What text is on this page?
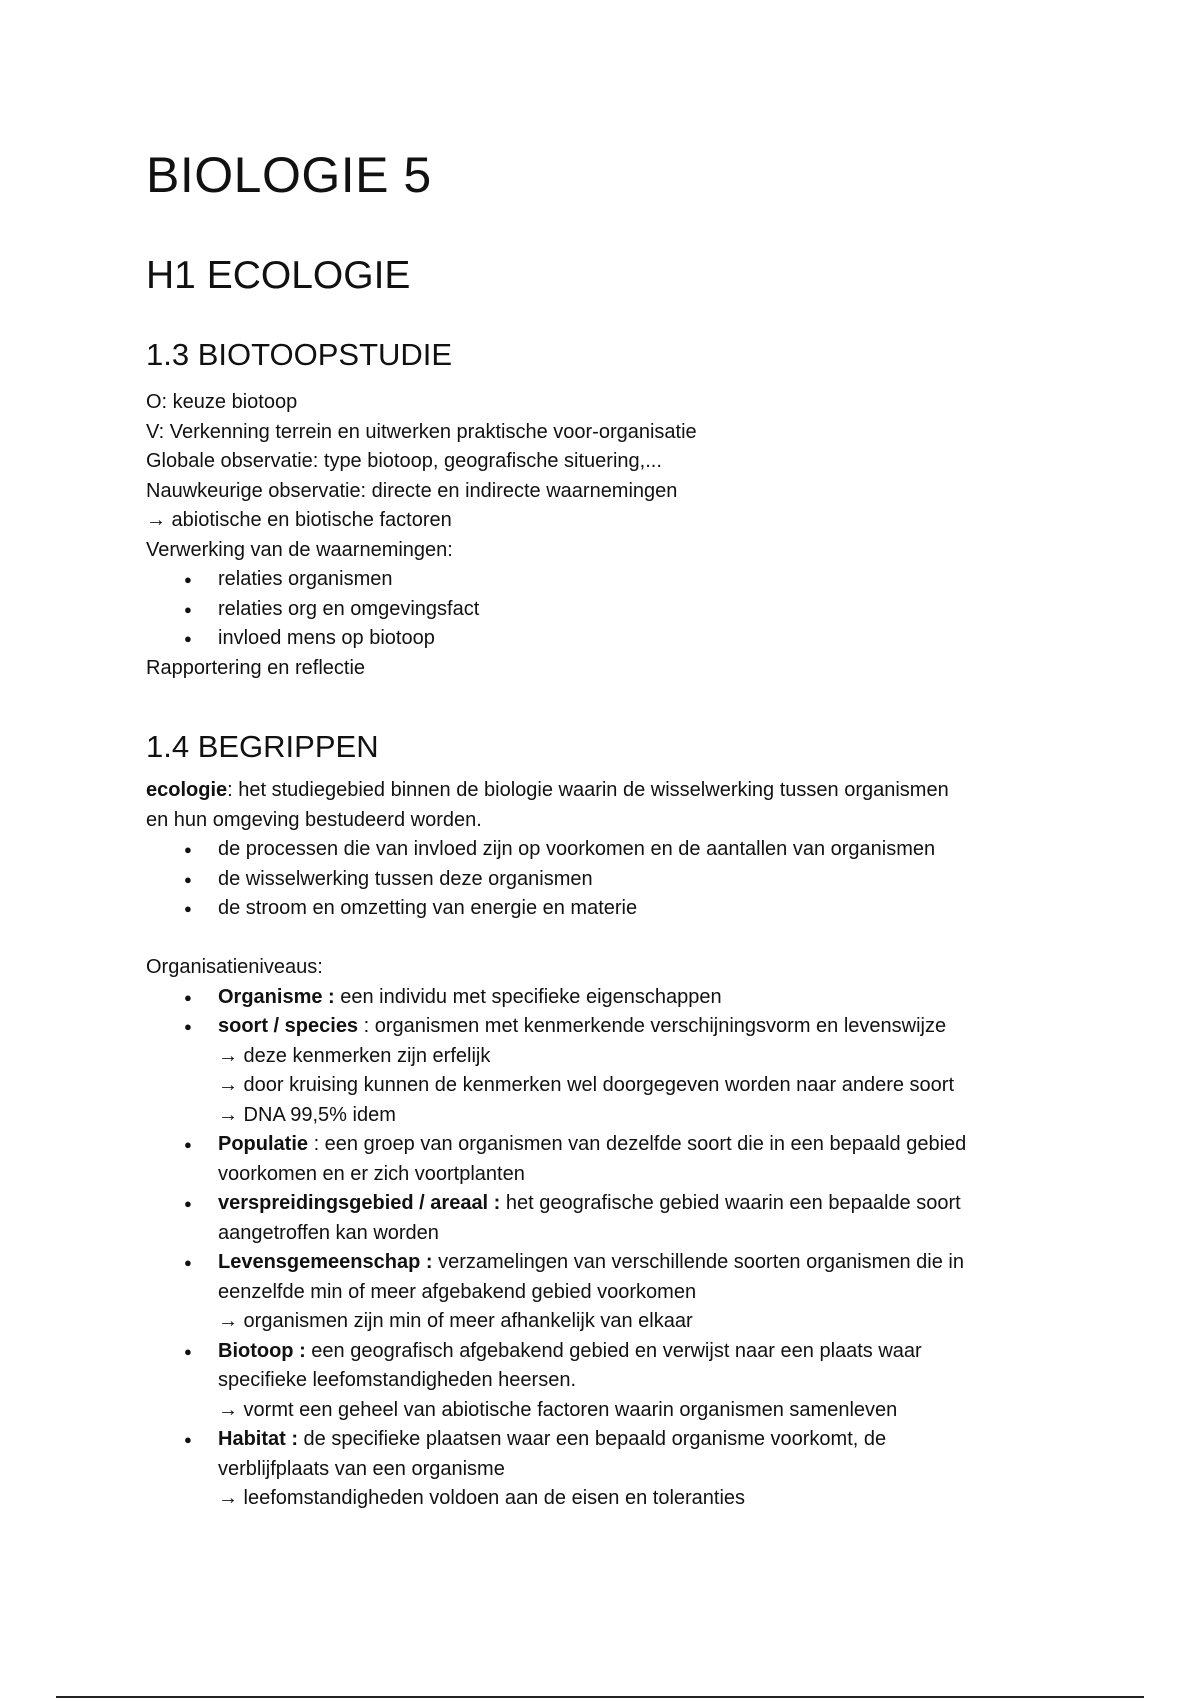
BIOLOGIE 5
H1 ECOLOGIE
1.3 BIOTOOPSTUDIE
O: keuze biotoop
V: Verkenning terrein en uitwerken praktische voor-organisatie
Globale observatie: type biotoop, geografische situering,...
Nauwkeurige observatie: directe en indirecte waarnemingen
→ abiotische en biotische factoren
Verwerking van de waarnemingen:
● relaties organismen
● relaties org en omgevingsfact
● invloed mens op biotoop
Rapportering en reflectie
1.4 BEGRIPPEN
ecologie: het studiegebied binnen de biologie waarin de wisselwerking tussen organismen
en hun omgeving bestudeerd worden.
● de processen die van invloed zijn op voorkomen en de aantallen van organismen
● de wisselwerking tussen deze organismen
● de stroom en omzetting van energie en materie
Organisatieniveaus:
● Organisme : een individu met specifieke eigenschappen
● soort / species : organismen met kenmerkende verschijningsvorm en levenswijze
→ deze kenmerken zijn erfelijk
→ door kruising kunnen de kenmerken wel doorgegeven worden naar andere soort
→ DNA 99,5% idem
● Populatie : een groep van organismen van dezelfde soort die in een bepaald gebied
voorkomen en er zich voortplanten
● verspreidingsgebied / areaal : het geografische gebied waarin een bepaalde soort
aangetroffen kan worden
● Levensgemeenschap : verzamelingen van verschillende soorten organismen die in
eenzelfde min of meer afgebakend gebied voorkomen
→ organismen zijn min of meer afhankelijk van elkaar
● Biotoop : een geografisch afgebakend gebied en verwijst naar een plaats waar
specifieke leefomstandigheden heersen.
→ vormt een geheel van abiotische factoren waarin organismen samenleven
● Habitat : de specifieke plaatsen waar een bepaald organisme voorkomt, de
verblijfplaats van een organisme
→ leefomstandigheden voldoen aan de eisen en toleranties
